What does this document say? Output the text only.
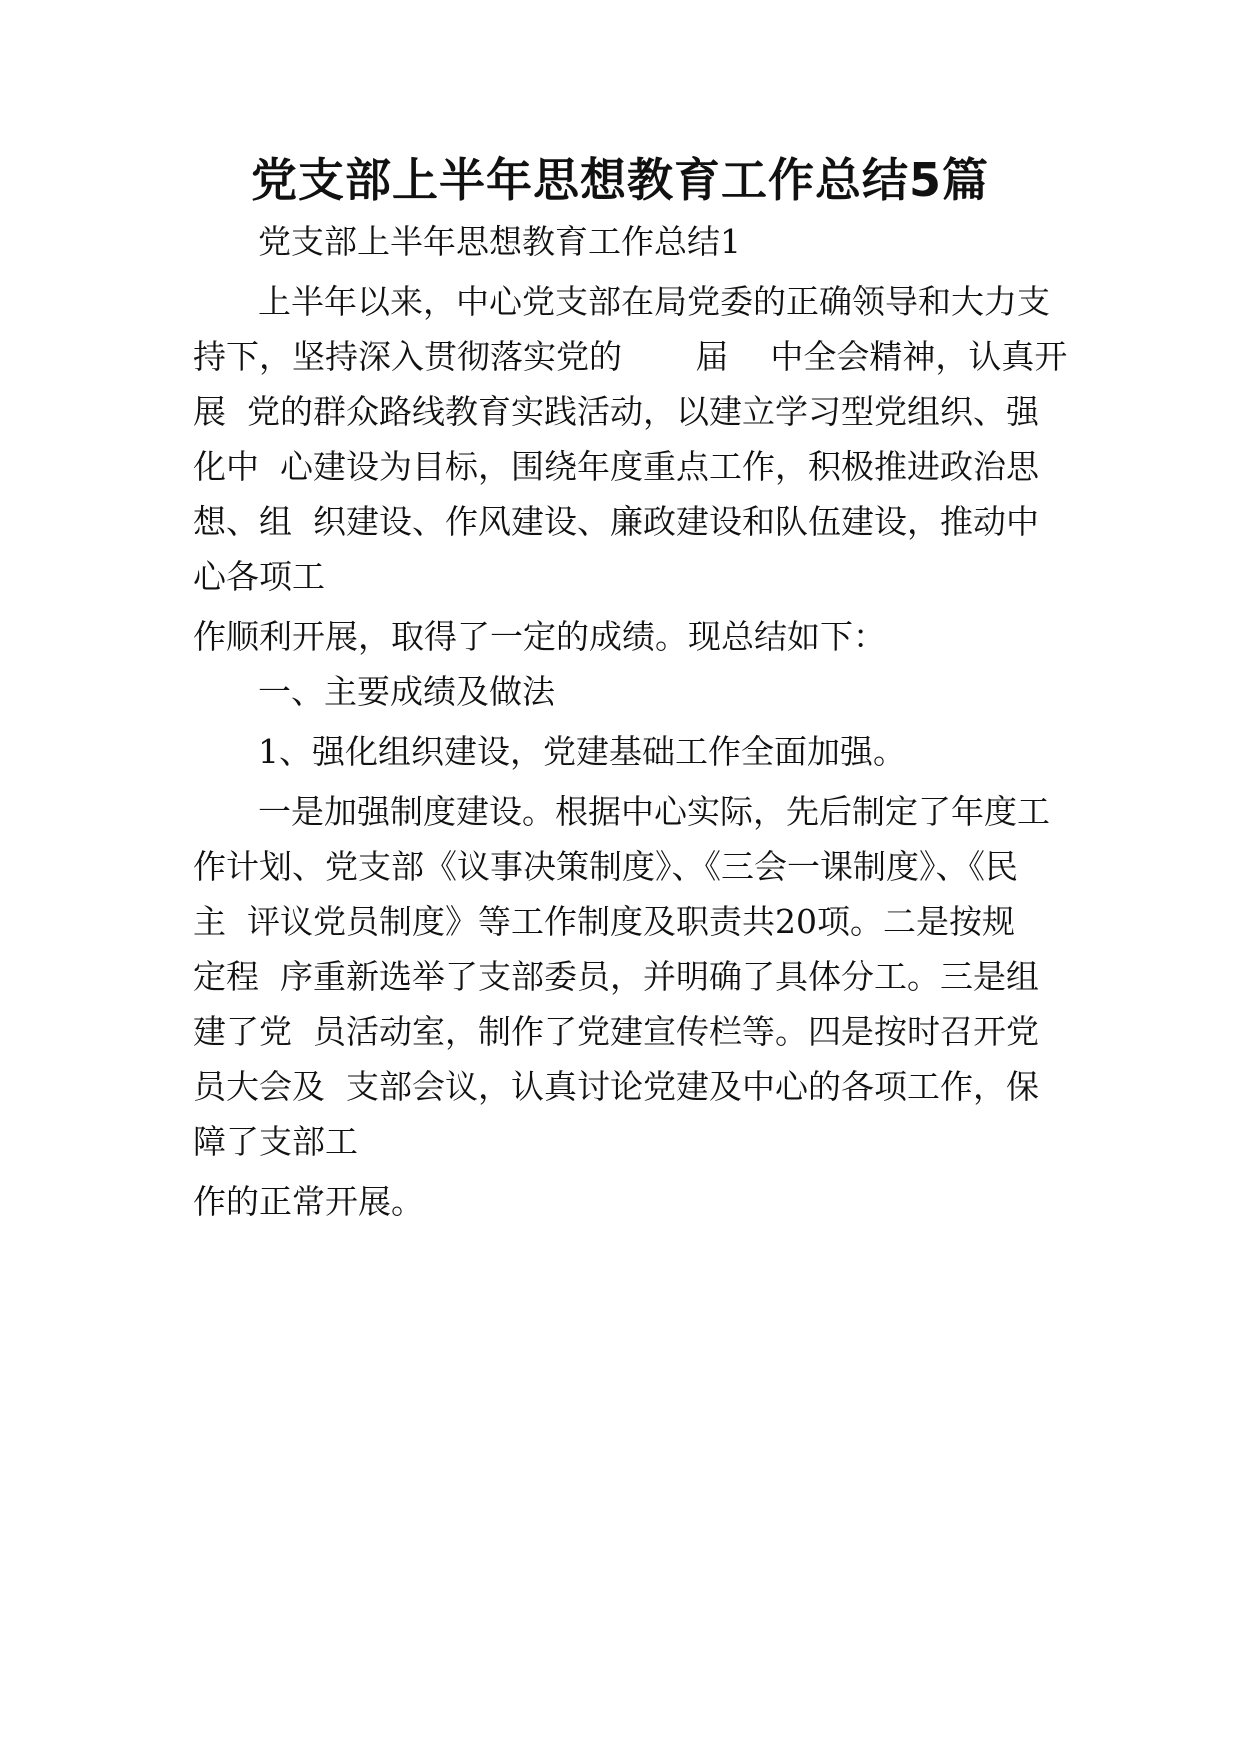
党支部上半年思想教育工作总结5篇
党支部上半年思想教育工作总结1
上半年以来，中心党支部在局党委的正确领导和大力支
持下，坚持深入贯彻落实党的       届    中全会精神，认真开
展  党的群众路线教育实践活动，以建立学习型党组织、强
化中  心建设为目标，围绕年度重点工作，积极推进政治思
想、组  织建设、作风建设、廉政建设和队伍建设，推动中
心各项工
作顺利开展，取得了一定的成绩。现总结如下：
一、主要成绩及做法
1、强化组织建设，党建基础工作全面加强。
一是加强制度建设。根据中心实际，先后制定了年度工
作计划、党支部《议事决策制度》、《三会一课制度》、《民
主  评议党员制度》等工作制度及职责共20项。二是按规
定程  序重新选举了支部委员，并明确了具体分工。三是组
建了党  员活动室，制作了党建宣传栏等。四是按时召开党
员大会及  支部会议，认真讨论党建及中心的各项工作，保
障了支部工
作的正常开展。
